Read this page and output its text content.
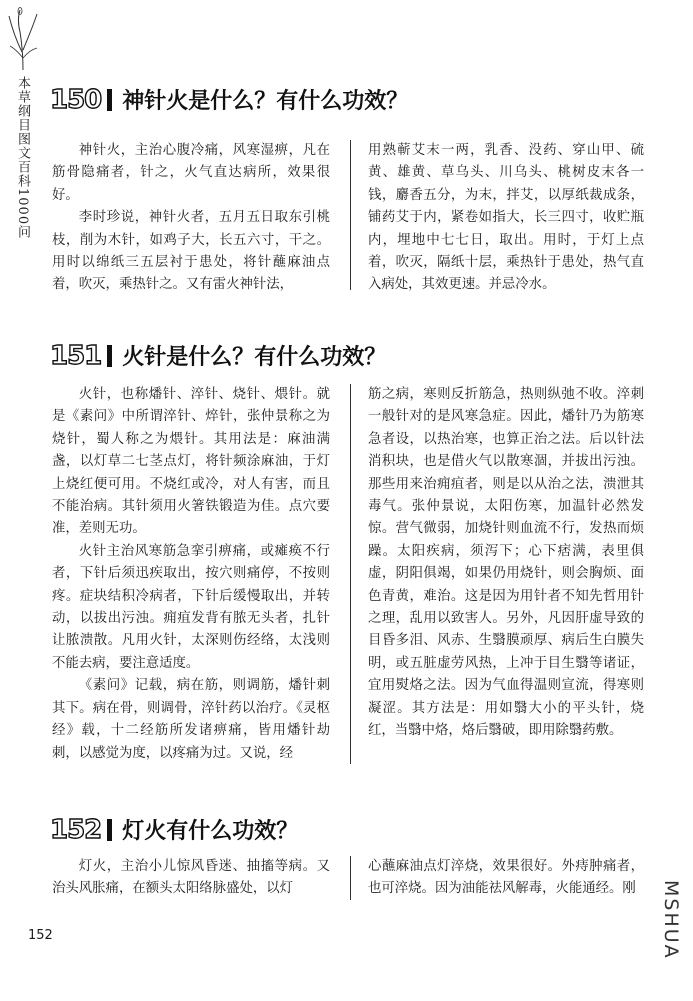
本草纲目图文百科1000问 150 神针火是什么？有什么功效？

神针火，主治心腹冷痛，风寒湿痹，凡在筋骨隐痛者，针之，火气直达病所，效果很好。

李时珍说，神针火者，五月五日取东引桃枝，削为木针，如鸡子大，长五六寸，干之。用时以绵纸三五层衬于患处，将针蘸麻油点着，吹灭，乘热针之。又有雷火神针法，

用熟蕲艾末一两，乳香、没药、穿山甲、硫黄、雄黄、草乌头、川乌头、桃树皮末各一钱，麝香五分，为末，拌艾，以厚纸裁成条，铺药艾于内，紧卷如指大，长三四寸，收贮瓶内，埋地中七七日，取出。用时，于灯上点着，吹灭，隔纸十层，乘热针于患处，热气直入病处，其效更速。并忌冷水。

151 火针是什么？有什么功效？

火针，也称燔针、淬针、烧针、煨针。就是《素问》中所谓淬针、焠针，张仲景称之为烧针，蜀人称之为煨针。其用法是：麻油满盏，以灯草二七茎点灯，将针频涂麻油，于灯上烧红便可用。不烧红或冷，对人有害，而且不能治病。其针须用火箸铁锻造为佳。点穴要准，差则无功。

火针主治风寒筋急挛引痹痛，或瘫痪不行者，下针后须迅疾取出，按穴则痛停，不按则疼。症块结积冷病者，下针后缓慢取出，并转动，以拔出污浊。痈疽发背有脓无头者，扎针让脓溃散。凡用火针，太深则伤经络，太浅则不能去病，要注意适度。

《素问》记载，病在筋，则调筋，燔针刺其下。病在骨，则调骨，淬针药以治疗。《灵枢经》载，十二经筋所发诸痹痛，皆用燔针劫刺，以感觉为度，以疼痛为过。又说，经

筋之病，寒则反折筋急，热则纵弛不收。淬刺一般针对的是风寒急症。因此，燔针乃为筋寒急者设，以热治寒，也算正治之法。后以针法消积块，也是借火气以散寒涸，并拔出污浊。那些用来治痈疽者，则是以从治之法，溃泄其毒气。张仲景说，太阳伤寒，加温针必然发惊。营气微弱，加烧针则血流不行，发热而烦躁。太阳疾病，须泻下；心下痞满，表里俱虚，阴阳俱竭，如果仍用烧针，则会胸烦、面色青黄，难治。这是因为用针者不知先哲用针之理，乱用以致害人。另外，凡因肝虚导致的目昏多泪、风赤、生翳膜顽厚、病后生白膜失明，或五脏虚劳风热，上冲于目生翳等诸证，宜用熨烙之法。因为气血得温则宣流，得寒则凝涩。其方法是：用如翳大小的平头针，烧红，当翳中烙，烙后翳破，即用除翳药敷。

152 灯火有什么功效？

灯火，主治小儿惊风昏迷、抽搐等病。又治头风胀痛，在额头太阳络脉盛处，以灯

心蘸麻油点灯淬烧，效果很好。外痔肿痛者，也可淬烧。因为油能祛风解毒，火能通经。刚

152	MSHUA
